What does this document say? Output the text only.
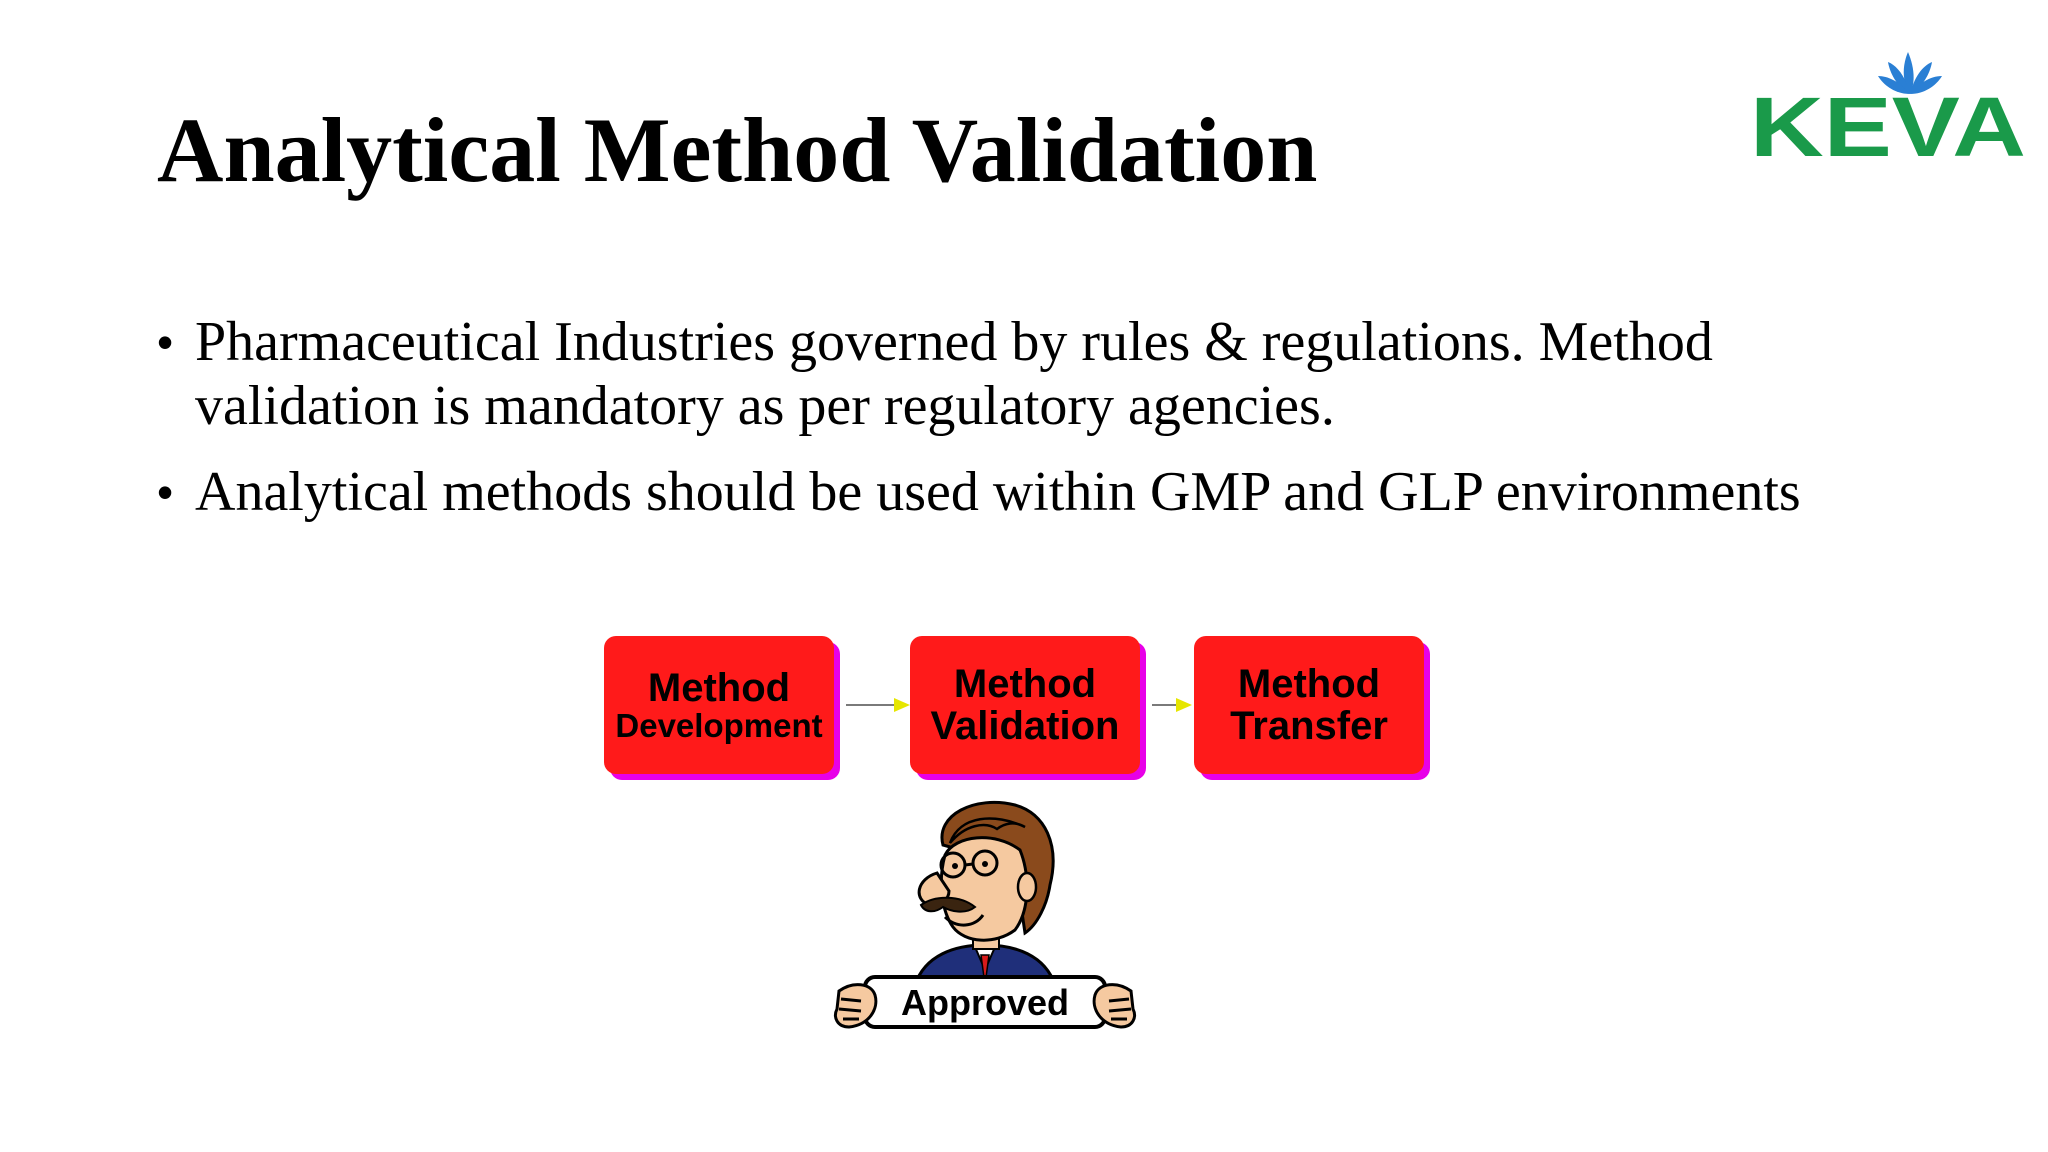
Analytical Method Validation	KEVA
• Pharmaceutical Industries governed by rules & regulations. Method validation is mandatory as per regulatory agencies.
• Analytical methods should be used within GMP and GLP environments
Method
Development
Method
Validation
Method
Transfer
Approved
